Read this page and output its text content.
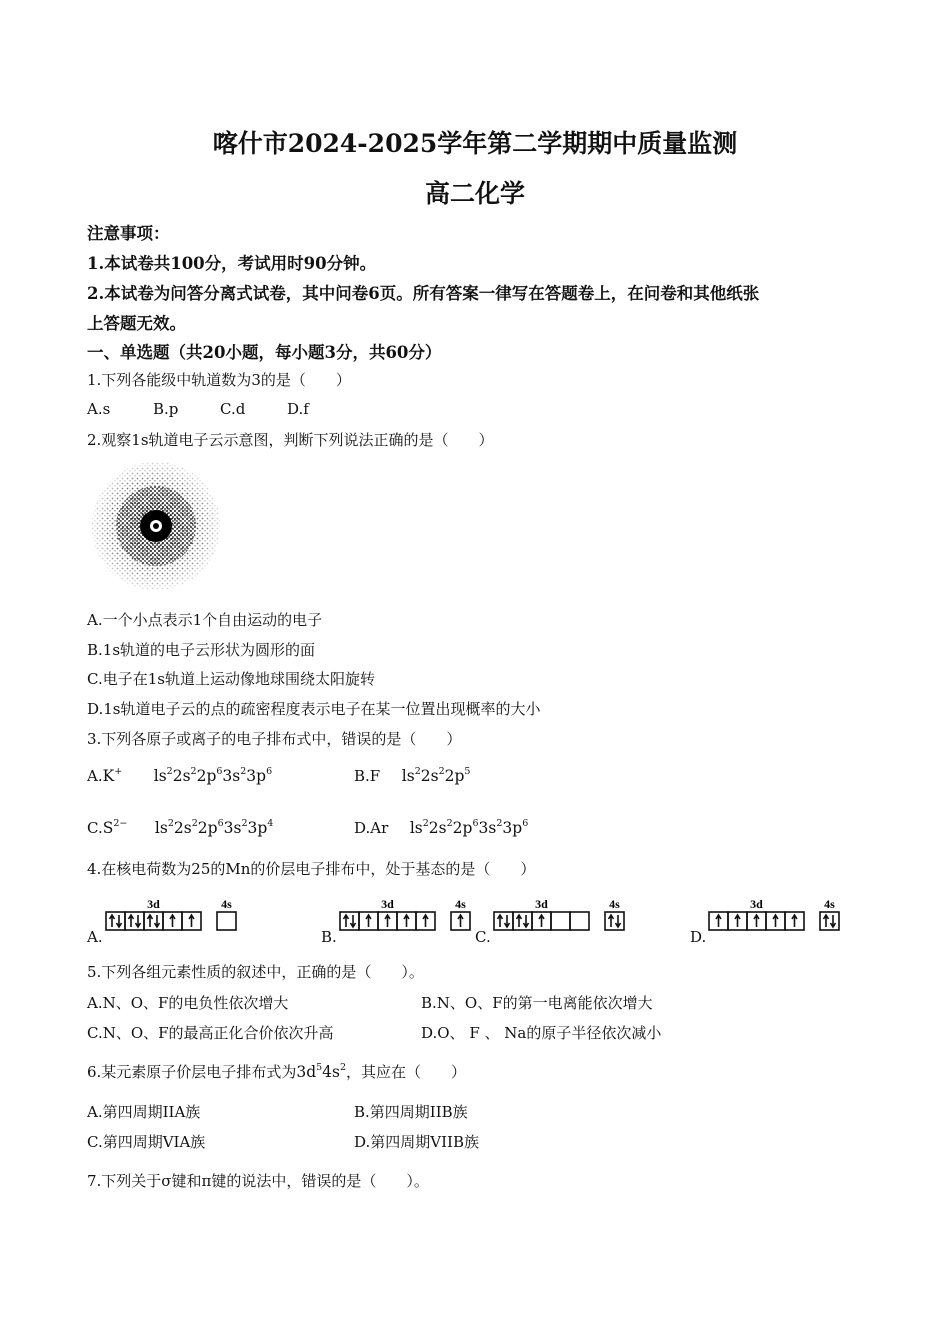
喀什市2024-2025学年第二学期期中质量监测
高二化学
注意事项：
1.本试卷共100分，考试用时90分钟。
2.本试卷为问答分离式试卷，其中问卷6页。所有答案一律写在答题卷上，在问卷和其他纸张
上答题无效。
一、单选题（共20小题，每小题3分，共60分）
1.下列各能级中轨道数为3的是（　　）
A.s	B.p	C.d	D.f
2.观察1s轨道电子云示意图，判断下列说法正确的是（　　）
A.一个小点表示1个自由运动的电子
B.1s轨道的电子云形状为圆形的面
C.电子在1s轨道上运动像地球围绕太阳旋转
D.1s轨道电子云的点的疏密程度表示电子在某一位置出现概率的大小
3.下列各原子或离子的电子排布式中，错误的是（　　）
A.K+ $ls^22s^22p^63s^23p^6$	B.F $ls^22s^22p^5$
$C.S^{2-}$ $ls^22s^22p^63s^23p^4$	D.Ar $ls^22s^22p^63s^23p^6$
4.在核电荷数为25的Mn的价层电子排布中，处于基态的是（　　）
A.
3d	4s
B.
3d	4s
C.
3d	4s
D.
3d	4s
5.下列各组元素性质的叙述中，正确的是（　　）。
A.N、O、F的电负性依次增大	B.N、O、F的第一电离能依次增大
C.N、O、F的最高正化合价依次升高	D.O、 F 、 Na的原子半径依次减小
6.某元素原子价层电子排布式为$3d^54s^2$，其应在（　　）
A.第四周期IIA族	B.第四周期IIB族
C.第四周期VIA族	D.第四周期VIIB族
7.下列关于σ键和π键的说法中，错误的是（　　）。
